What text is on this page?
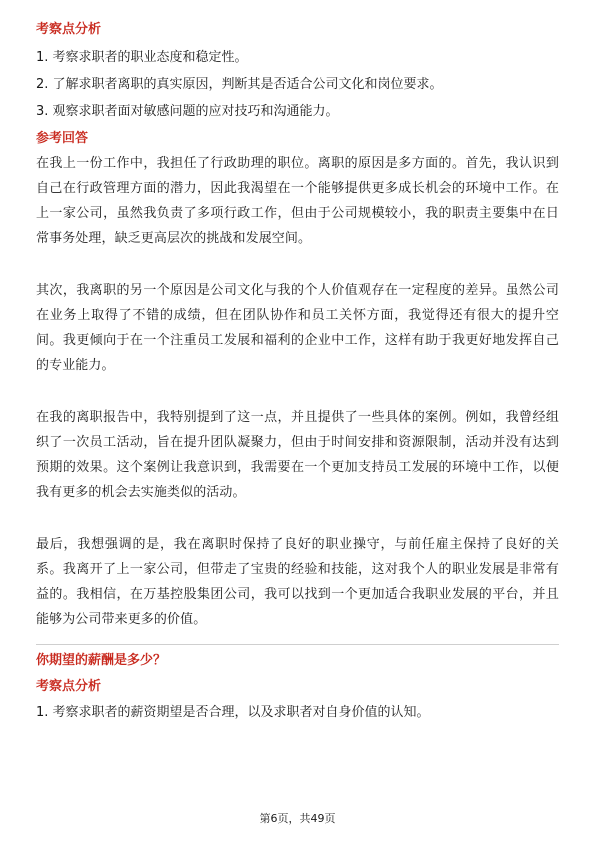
考察点分析

1. 考察求职者的职业态度和稳定性。

2. 了解求职者离职的真实原因，判断其是否适合公司文化和岗位要求。

3. 观察求职者面对敏感问题的应对技巧和沟通能力。

参考回答

在我上一份工作中，我担任了行政助理的职位。离职的原因是多方面的。首先，我认识到自己在行政管理方面的潜力，因此我渴望在一个能够提供更多成长机会的环境中工作。在上一家公司，虽然我负责了多项行政工作，但由于公司规模较小，我的职责主要集中在日常事务处理，缺乏更高层次的挑战和发展空间。

其次，我离职的另一个原因是公司文化与我的个人价值观存在一定程度的差异。虽然公司在业务上取得了不错的成绩，但在团队协作和员工关怀方面，我觉得还有很大的提升空间。我更倾向于在一个注重员工发展和福利的企业中工作，这样有助于我更好地发挥自己的专业能力。

在我的离职报告中，我特别提到了这一点，并且提供了一些具体的案例。例如，我曾经组织了一次员工活动，旨在提升团队凝聚力，但由于时间安排和资源限制，活动并没有达到预期的效果。这个案例让我意识到，我需要在一个更加支持员工发展的环境中工作，以便我有更多的机会去实施类似的活动。

最后，我想强调的是，我在离职时保持了良好的职业操守，与前任雇主保持了良好的关系。我离开了上一家公司，但带走了宝贵的经验和技能，这对我个人的职业发展是非常有益的。我相信，在万基控股集团公司，我可以找到一个更加适合我职业发展的平台，并且能够为公司带来更多的价值。

你期望的薪酬是多少？
考察点分析

1. 考察求职者的薪资期望是否合理，以及求职者对自身价值的认知。

第6页，共49页
